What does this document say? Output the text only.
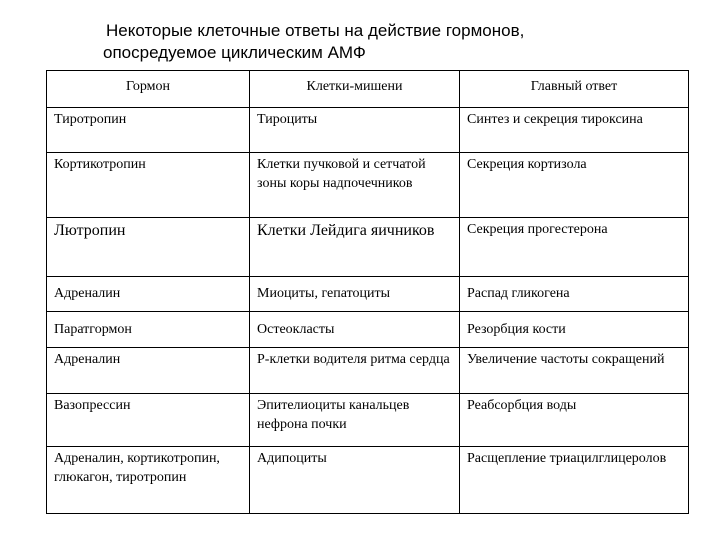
Некоторые клеточные ответы на действие гормонов,
опосредуемое циклическим АМФ
Гормон	Клетки-мишени	Главный ответ
Тиротропин	Тироциты	Синтез и секреция тироксина
Кортикотропин	Клетки пучковой и сетчатой зоны коры надпочечников	Секреция кортизола
Лютропин	Клетки Лейдига яичников	Секреция прогестерона
Адреналин	Миоциты, гепатоциты	Распад гликогена
Паратгормон	Остеокласты	Резорбция кости
Адреналин	Р-клетки водителя ритма сердца	Увеличение частоты сокращений
Вазопрессин	Эпителиоциты канальцев нефрона почки	Реабсорбция воды
Адреналин, кортикотропин, глюкагон, тиротропин	Адипоциты	Расщепление триацилглицеролов
